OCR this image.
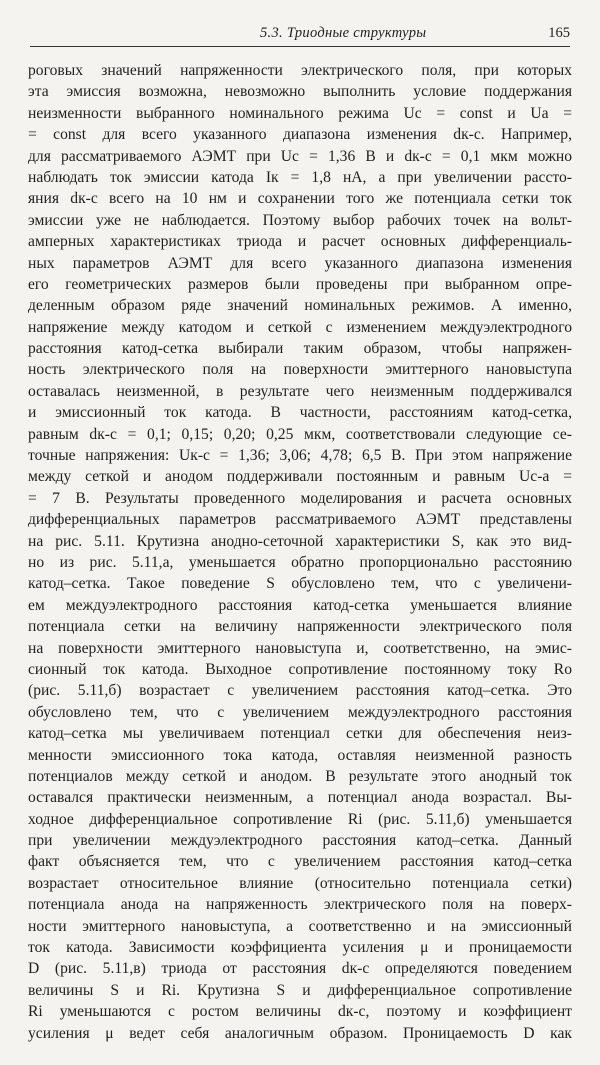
5.3. Триодные структуры	165
роговых значений напряженности электрического поля, при которых
эта эмиссия возможна, невозможно выполнить условие поддержания
неизменности выбранного номинального режима Uс = const и Uа =
= const для всего указанного диапазона изменения dк-с. Например,
для рассматриваемого АЭМТ при Uс = 1,36 В и dк-с = 0,1 мкм можно
наблюдать ток эмиссии катода Iк = 1,8 нА, а при увеличении рассто-
яния dк-с всего на 10 нм и сохранении того же потенциала сетки ток
эмиссии уже не наблюдается. Поэтому выбор рабочих точек на вольт-
амперных характеристиках триода и расчет основных дифференциаль-
ных параметров АЭМТ для всего указанного диапазона изменения
его геометрических размеров были проведены при выбранном опре-
деленным образом ряде значений номинальных режимов. А именно,
напряжение между катодом и сеткой с изменением междуэлектродного
расстояния катод-сетка выбирали таким образом, чтобы напряжен-
ность электрического поля на поверхности эмиттерного нановыступа
оставалась неизменной, в результате чего неизменным поддерживался
и эмиссионный ток катода. В частности, расстояниям катод-сетка,
равным dк-с = 0,1; 0,15; 0,20; 0,25 мкм, соответствовали следующие се-
точные напряжения: Uк-с = 1,36; 3,06; 4,78; 6,5 В. При этом напряжение
между сеткой и анодом поддерживали постоянным и равным Uс-а =
= 7 В. Результаты проведенного моделирования и расчета основных
дифференциальных параметров рассматриваемого АЭМТ представлены
на рис. 5.11. Крутизна анодно-сеточной характеристики S, как это вид-
но из рис. 5.11,а, уменьшается обратно пропорционально расстоянию
катод–сетка. Такое поведение S обусловлено тем, что с увеличени-
ем междуэлектродного расстояния катод-сетка уменьшается влияние
потенциала сетки на величину напряженности электрического поля
на поверхности эмиттерного нановыступа и, соответственно, на эмис-
сионный ток катода. Выходное сопротивление постоянному току Rо
(рис. 5.11,б) возрастает с увеличением расстояния катод–сетка. Это
обусловлено тем, что с увеличением междуэлектродного расстояния
катод–сетка мы увеличиваем потенциал сетки для обеспечения неиз-
менности эмиссионного тока катода, оставляя неизменной разность
потенциалов между сеткой и анодом. В результате этого анодный ток
оставался практически неизменным, а потенциал анода возрастал. Вы-
ходное дифференциальное сопротивление Ri (рис. 5.11,б) уменьшается
при увеличении междуэлектродного расстояния катод–сетка. Данный
факт объясняется тем, что с увеличением расстояния катод–сетка
возрастает относительное влияние (относительно потенциала сетки)
потенциала анода на напряженность электрического поля на поверх-
ности эмиттерного нановыступа, а соответственно и на эмиссионный
ток катода. Зависимости коэффициента усиления μ и проницаемости
D (рис. 5.11,в) триода от расстояния dк-с определяются поведением
величины S и Ri. Крутизна S и дифференциальное сопротивление
Ri уменьшаются с ростом величины dк-с, поэтому и коэффициент
усиления μ ведет себя аналогичным образом. Проницаемость D как
